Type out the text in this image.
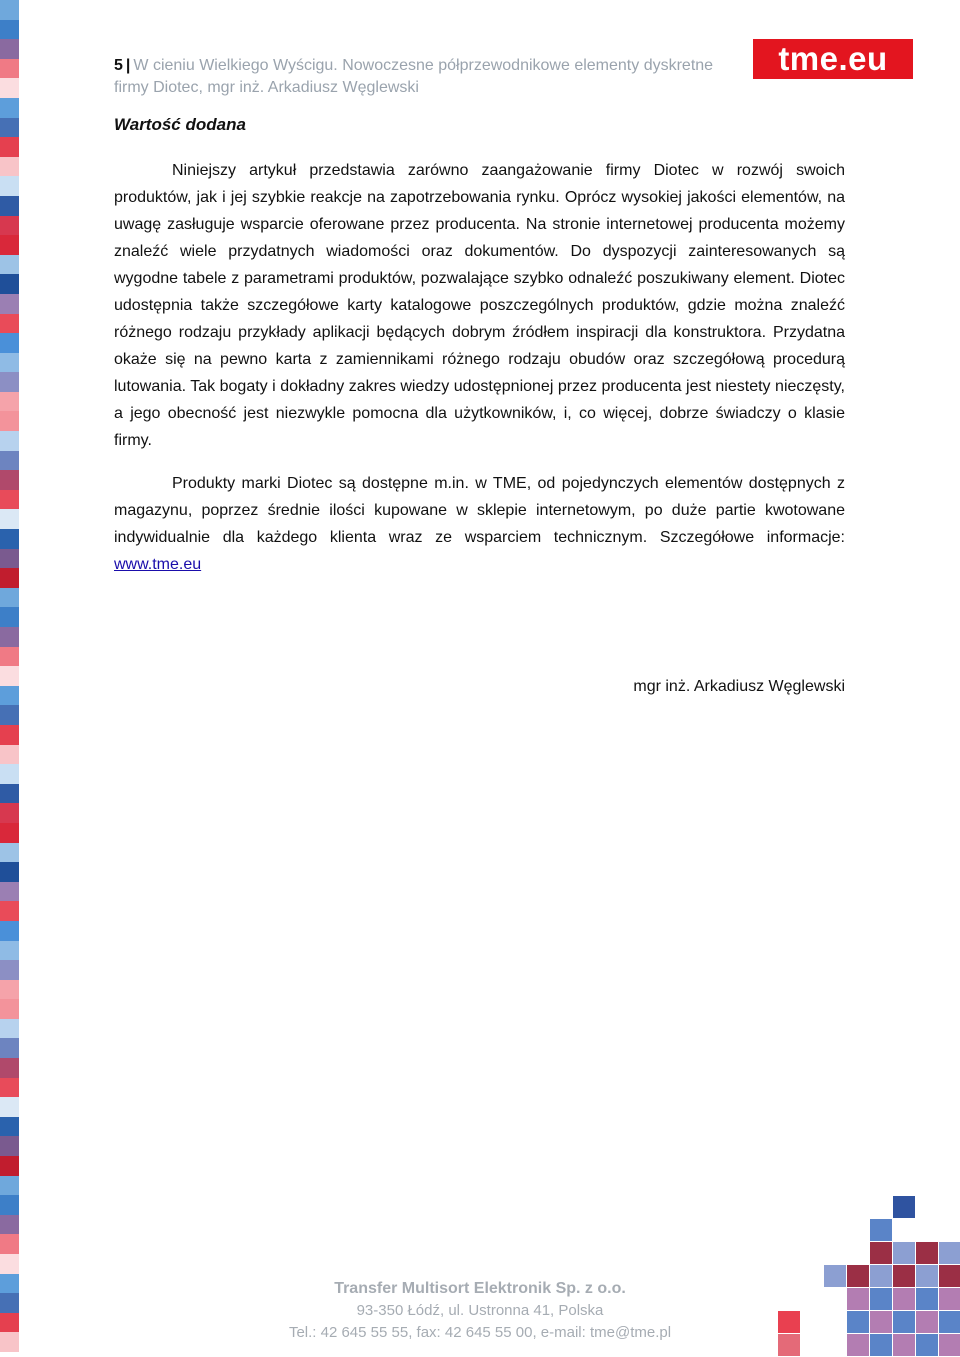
5 | W cieniu Wielkiego Wyścigu. Nowoczesne półprzewodnikowe elementy dyskretne firmy Diotec, mgr inż. Arkadiusz Węglewski
tme.eu
Wartość dodana

Niniejszy artykuł przedstawia zarówno zaangażowanie firmy Diotec w rozwój swoich produktów, jak i jej szybkie reakcje na zapotrzebowania rynku. Oprócz wysokiej jakości elementów, na uwagę zasługuje wsparcie oferowane przez producenta. Na stronie internetowej producenta możemy znaleźć wiele przydatnych wiadomości oraz dokumentów. Do dyspozycji zainteresowanych są wygodne tabele z parametrami produktów, pozwalające szybko odnaleźć poszukiwany element. Diotec udostępnia także szczegółowe karty katalogowe poszczególnych produktów, gdzie można znaleźć różnego rodzaju przykłady aplikacji będących dobrym źródłem inspiracji dla konstruktora. Przydatna okaże się na pewno karta z zamiennikami różnego rodzaju obudów oraz szczegółową procedurą lutowania. Tak bogaty i dokładny zakres wiedzy udostępnionej przez producenta jest niestety nieczęsty, a jego obecność jest niezwykle pomocna dla użytkowników, i, co więcej, dobrze świadczy o klasie firmy.

Produkty marki Diotec są dostępne m.in. w TME, od pojedynczych elementów dostępnych z magazynu, poprzez średnie ilości kupowane w sklepie internetowym, po duże partie kwotowane indywidualnie dla każdego klienta wraz ze wsparciem technicznym. Szczegółowe informacje: www.tme.eu

mgr inż. Arkadiusz Węglewski
Transfer Multisort Elektronik Sp. z o.o.
93-350 Łódź, ul. Ustronna 41, Polska
Tel.: 42 645 55 55, fax: 42 645 55 00, e-mail: tme@tme.pl
